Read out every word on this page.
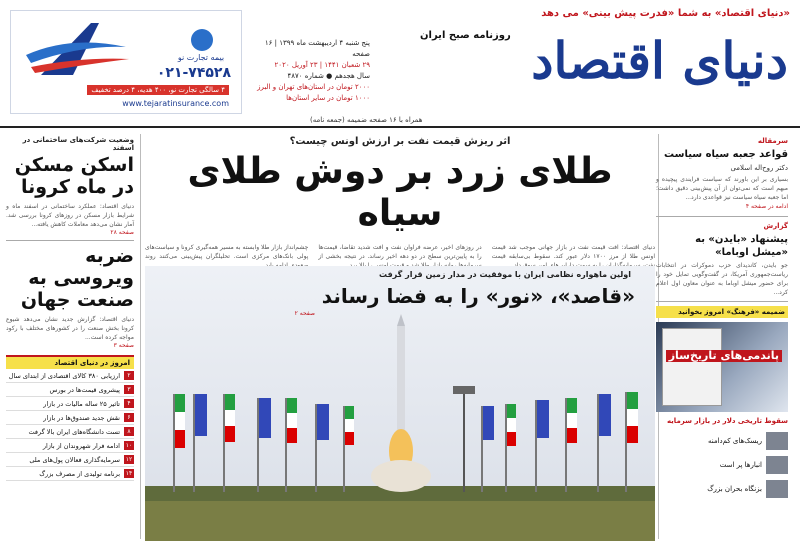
«دنیای اقتصاد» به شما «فدرت پیش بینی» می دهد
دنیای اقتصاد
روزنامه صبح ایران
پنج شنبه ۴ اردیبهشت ماه ۱۳۹۹ | ۱۶ صفحه
۲۹ شعبان ۱۴۴۱ | ۲۳ آوریل ۲۰۲۰
سال هجدهم ● شماره ۴۸۷۰
۲۰۰۰ تومان در استان‌های تهران و البرز
۱۰۰۰ تومان در سایر استان‌ها
بیمه تجارت نو
۰۲۱-۷۴۵۲۸
۴ سالگی تجارت نو، ۴۰۰ هدیه، ۴ درصد تخفیف
www.tejaratinsurance.com
همراه با ۱۶ صفحه ضمیمه (جمعه نامه)
سرمقاله
قواعد جعبه سیاه سیاست
دکتر روح‌اله اسلامی
بسیاری بر این باورند که سیاست فرایندی پیچیده و مبهم است که نمی‌توان از آن پیش‌بینی دقیق داشت؛ اما جعبه سیاه سیاست نیز قواعدی دارد...
ادامه در صفحه ۴
گزارش
پیشنهاد «بایدن» به «میشل اوباما»
جو بایدن، کاندیدای حزب دموکرات در انتخابات ریاست‌جمهوری آمریکا، در گفت‌وگویی تمایل خود را برای حضور میشل اوباما به عنوان معاون اول اعلام کرد...
ضمیمه «فرهنگ» امروز بخوانید
پاندمی‌های تاریخ‌ساز
سقوط تاریخی دلار در بازار سرمایه
ریسک‌های کم‌دامنه
انبارها پر است
بزنگاه بحران بزرگ
اثر ریزش قیمت نفت بر ارزش اونس چیست؟
طلای زرد بر دوش طلای سیاه
دنیای اقتصاد: افت قیمت نفت در بازار جهانی موجب شد قیمت اونس طلا از مرز ۱۷۰۰ دلار عبور کند. سقوط بی‌سابقه قیمت
در روز‌های اخیر، عرضه فراوان نفت و افت شدید تقاضا، قیمت‌ها را به پایین‌ترین سطح در دو دهه اخیر رساند. در نتیجه بخشی از
چشم‌انداز بازار طلا وابسته به مسیر همه‌گیری کرونا و سیاست‌های پولی بانک‌های مرکزی است. تحلیلگران پیش‌بینی می‌کنند روند
اولین ماهواره نظامی ایران با موفقیت در مدار زمین قرار گرفت
«قاصد»، «نور» را به فضا رساند
صفحه ۲
وضعیت شرکت‌های ساختمانی در اسفند
اسکن مسکن در ماه کرونا
دنیای اقتصاد: عملکرد ساختمانی در اسفند ماه و شرایط بازار مسکن در روزهای کرونا بررسی شد. آمار نشان می‌دهد معاملات کاهش یافته...
صفحه ۲۸
ضربه ویروسی به صنعت جهان
دنیای اقتصاد: گزارش جدید نشان می‌دهد شیوع کرونا بخش صنعت را در کشورهای مختلف با رکود مواجه کرده است...
صفحه ۳
امروز در دنیای اقتصاد
۲
ارزیابی ۳۸۰ کالای اقتصادی از ابتدای سال
۳
پیشروی قیمت‌ها در بورس
۴
تاثیر ۲۵ ساله مالیات در بازار
۶
نقش جدید صندوق‌ها در بازار
۸
تست دانشگاه‌های ایران بالا گرفت
۱۰
ادامه فرار شهروندان از بازار
۱۲
سرمایه‌گذاری فعالان پول‌های ملی
۱۴
برنامه تولیدی از مصرف بزرگ
